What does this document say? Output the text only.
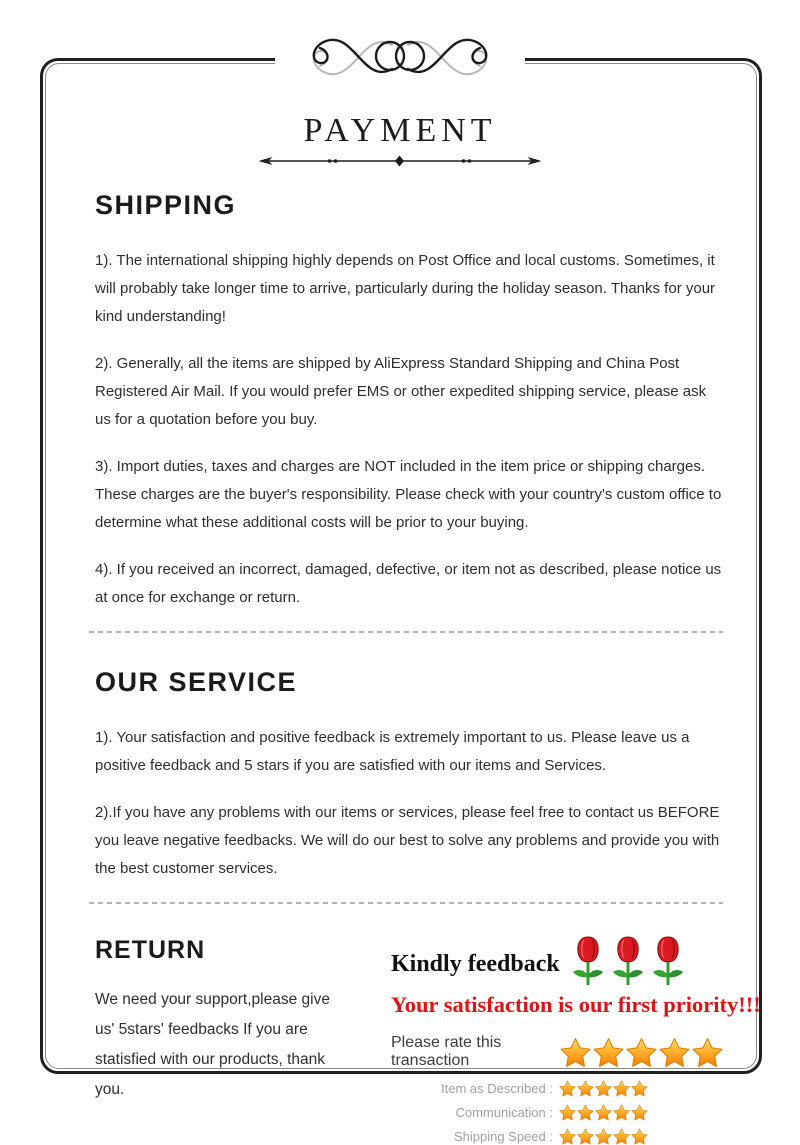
PAYMENT
SHIPPING

1). The international shipping highly depends on Post Office and local customs. Sometimes, it will probably take longer time to arrive, particularly during the holiday season. Thanks for your kind understanding!

2). Generally, all the items are shipped by AliExpress Standard Shipping and China Post Registered Air Mail. If you would prefer EMS or other expedited shipping service, please ask us for a quotation before you buy.

3). Import duties, taxes and charges are NOT included in the item price or shipping charges. These charges are the buyer's responsibility. Please check with your country's custom office to determine what these additional costs will be prior to your buying.

4). If you received an incorrect, damaged, defective, or item not as described, please notice us at once for exchange or return.

OUR SERVICE

1). Your satisfaction and positive feedback is extremely important to us. Please leave us a positive feedback and 5 stars if you are satisfied with our items and Services.

2).If you have any problems with our items or services, please feel free to contact us BEFORE you leave negative feedbacks. We will do our best to solve any problems and provide you with the best customer services.

RETURN

We need your support,please give us' 5stars' feedbacks If you are statisfied with our products, thank you.

Kindly feedback
Your satisfaction is our first priority!!!
Please rate this transaction
Item as Described :
Communication :
Shipping Speed :
